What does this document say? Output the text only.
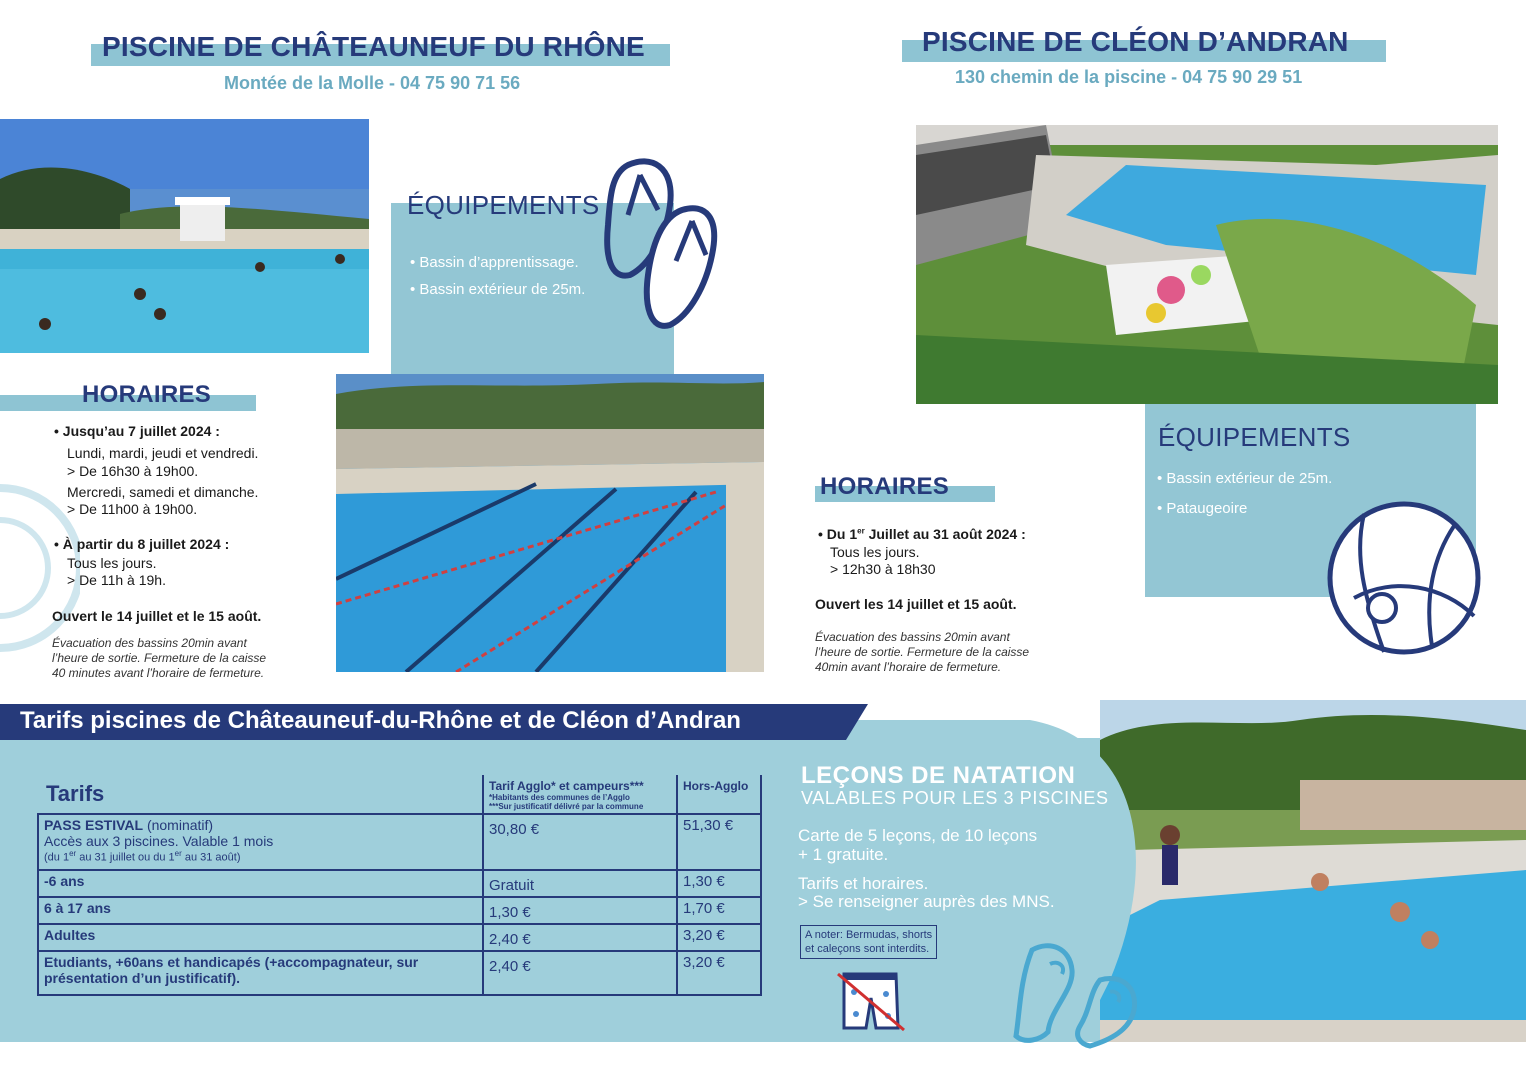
PISCINE DE CHÂTEAUNEUF DU RHÔNE
Montée de la Molle - 04 75 90 71 56
PISCINE DE CLÉON D’ANDRAN
130 chemin de la piscine - 04 75 90 29 51
ÉQUIPEMENTS
• Bassin d’apprentissage.
• Bassin extérieur de 25m.
HORAIRES
• Jusqu’au 7 juillet 2024 :
Lundi, mardi, jeudi et vendredi.
> De 16h30 à 19h00.
Mercredi, samedi et dimanche.
> De 11h00 à 19h00.
• À partir du 8 juillet 2024 :
Tous les jours.
> De 11h à 19h.
Ouvert le 14 juillet et le 15 août.
Évacuation des bassins 20min avant
l’heure de sortie. Fermeture de la caisse
40 minutes avant l’horaire de fermeture.
ÉQUIPEMENTS
• Bassin extérieur de 25m.
• Pataugeoire
HORAIRES
• Du 1er Juillet au 31 août 2024 :
Tous les jours.
> 12h30 à 18h30
Ouvert les 14 juillet et 15 août.
Évacuation des bassins 20min avant
l’heure de sortie. Fermeture de la caisse
40min avant l’horaire de fermeture.
Tarifs piscines de Châteauneuf-du-Rhône et de Cléon d’Andran
Tarifs	Tarif Agglo* et campeurs***
*Habitants des communes de l’Agglo
***Sur justificatif délivré par la commune	Hors-Agglo

PASS ESTIVAL (nominatif)
Accès aux 3 piscines. Valable 1 mois
(du 1er au 31 juillet ou du 1er au 31 août)	30,80 €	51,30 €
-6 ans	Gratuit	1,30 €
6 à 17 ans	1,30 €	1,70 €
Adultes	2,40 €	3,20 €
Etudiants, +60ans et handicapés (+accompagnateur, sur présentation d’un justificatif).	2,40 €	3,20 €
LEÇONS DE NATATION
VALABLES POUR LES 3 PISCINES
Carte de 5 leçons, de 10 leçons
+ 1 gratuite.
Tarifs et horaires.
> Se renseigner auprès des MNS.
A noter: Bermudas, shorts
et caleçons sont interdits.
